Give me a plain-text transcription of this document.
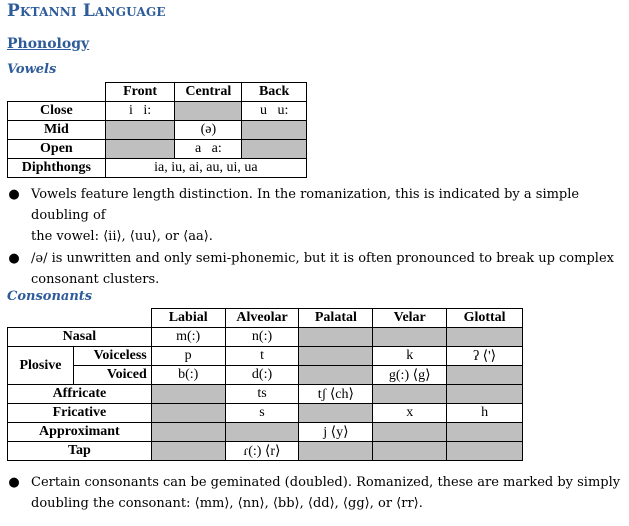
Pktanni Language
Phonology
Vowels
	Front	Central	Back
Close	i   i:		u   u:
Mid		(ə)	
Open		a   a:	
Diphthongs	ia, iu, ai, au, ui, ua		
● Vowels feature length distinction. In the romanization, this is indicated by a simple doubling of
the vowel: ⟨ii⟩, ⟨uu⟩, or ⟨aa⟩.
● /ə/ is unwritten and only semi-phonemic, but it is often pronounced to break up complex
consonant clusters.
Consonants
		Labial	Alveolar	Palatal	Velar	Glottal
Nasal		m(:)	n(:)			
Plosive	Voiceless	p	t		k	ʔ ⟨'⟩
	Voiced	b(:)	d(:)		g(:) ⟨g⟩	
Affricate			ts	tʃ ⟨ch⟩		
Fricative			s		x	h
Approximant				j ⟨y⟩		
Tap			ɾ(:) ⟨r⟩			
● Certain consonants can be geminated (doubled). Romanized, these are marked by simply
doubling the consonant: ⟨mm⟩, ⟨nn⟩, ⟨bb⟩, ⟨dd⟩, ⟨gg⟩, or ⟨rr⟩.
